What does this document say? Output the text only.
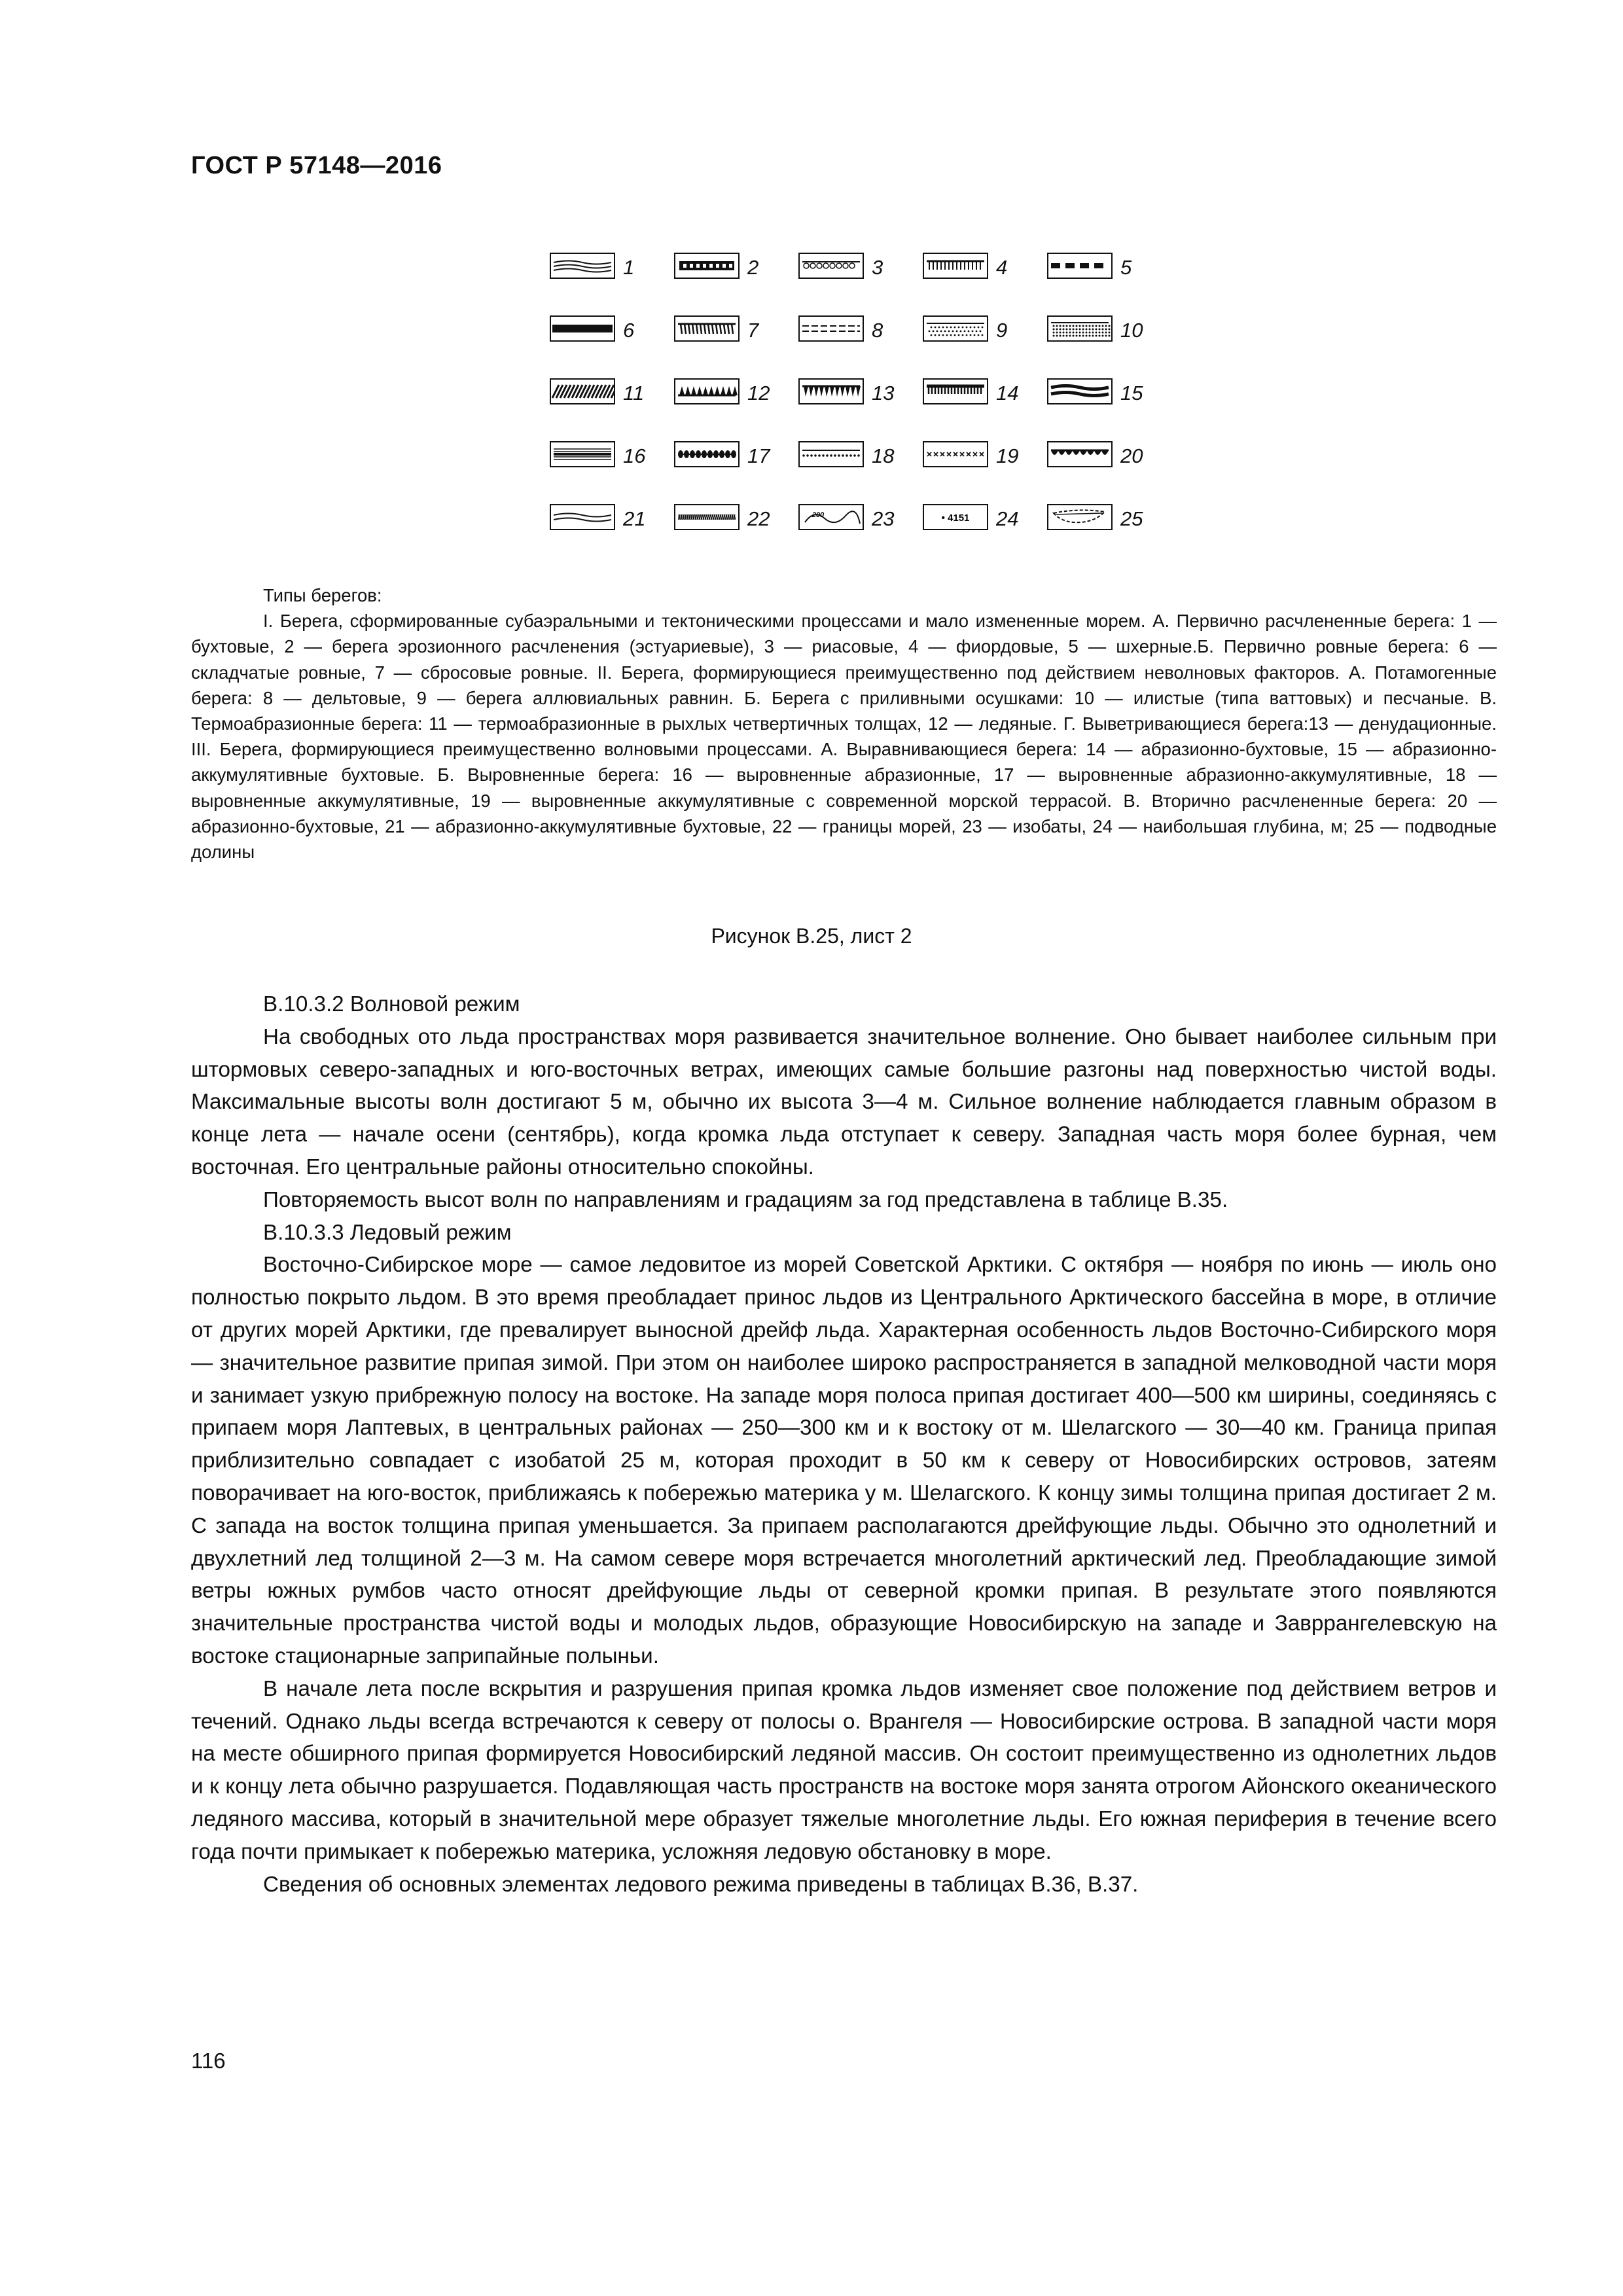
ГОСТ Р 57148—2016
1	2	3	4	5
6	7	8	9	10
11	12	13	14	15
16	17	18	19	20
21	22	200 23	• 4151 24	25

Типы берегов:

I. Берега, сформированные субаэральными и тектоническими процессами и мало измененные морем. А. Первично расчлененные берега: 1 — бухтовые, 2 — берега эрозионного расчленения (эстуариевые), 3 — риасовые, 4 — фиордовые, 5 — шхерные.Б. Первично ровные берега: 6 — складчатые ровные, 7 — сбросовые ровные. II. Берега, формирующиеся преимущественно под действием неволновых факторов. А. Потамогенные берега: 8 — дельтовые, 9 — берега аллювиальных равнин. Б. Берега с приливными осушками: 10 — илистые (типа ваттовых) и песчаные. В. Термоабразионные берега: 11 — термоабразионные в рыхлых четвертичных толщах, 12 — ледяные. Г. Выветривающиеся берега:13 — денудационные. III. Берега, формирующиеся преимущественно волновыми процессами. А. Выравнивающиеся берега: 14 — абразионно-бухтовые, 15 — абразионно-аккумулятивные бухтовые. Б. Выровненные берега: 16 — выровненные абразионные, 17 — выровненные абразионно-аккумулятивные, 18 — выровненные аккумулятивные, 19 — выровненные аккумулятивные с современной морской террасой. В. Вторично расчлененные берега: 20 — абразионно-бухтовые, 21 — абразионно-аккумулятивные бухтовые, 22 — границы морей, 23 — изобаты, 24 — наибольшая глубина, м; 25 — подводные долины

Рисунок В.25, лист 2

В.10.3.2 Волновой режим

На свободных ото льда пространствах моря развивается значительное волнение. Оно бывает наиболее сильным при штормовых северо-западных и юго-восточных ветрах, имеющих самые большие разгоны над поверхностью чистой воды. Максимальные высоты волн достигают 5 м, обычно их высота 3—4 м. Сильное волнение наблюдается главным образом в конце лета — начале осени (сентябрь), когда кромка льда отступает к северу. Западная часть моря более бурная, чем восточная. Его центральные районы относительно спокойны.

Повторяемость высот волн по направлениям и градациям за год представлена в таблице В.35.

В.10.3.3 Ледовый режим

Восточно-Сибирское море — самое ледовитое из морей Советской Арктики. С октября — ноября по июнь — июль оно полностью покрыто льдом. В это время преобладает принос льдов из Центрального Арктического бассейна в море, в отличие от других морей Арктики, где превалирует выносной дрейф льда. Характерная особенность льдов Восточно-Сибирского моря — значительное развитие припая зимой. При этом он наиболее широко распространяется в западной мелководной части моря и занимает узкую прибрежную полосу на востоке. На западе моря полоса припая достигает 400—500 км ширины, соединяясь с припаем моря Лаптевых, в центральных районах — 250—300 км и к востоку от м. Шелагского — 30—40 км. Граница припая приблизительно совпадает с изобатой 25 м, которая проходит в 50 км к северу от Новосибирских островов, затеям поворачивает на юго-восток, приближаясь к побережью материка у м. Шелагского. К концу зимы толщина припая достигает 2 м. С запада на восток толщина припая уменьшается. За припаем располагаются дрейфующие льды. Обычно это однолетний и двухлетний лед толщиной 2—3 м. На самом севере моря встречается многолетний арктический лед. Преобладающие зимой ветры южных румбов часто относят дрейфующие льды от северной кромки припая. В результате этого появляются значительные пространства чистой воды и молодых льдов, образующие Новосибирскую на западе и Завррангелевскую на востоке стационарные заприпайные полыньи.

В начале лета после вскрытия и разрушения припая кромка льдов изменяет свое положение под действием ветров и течений. Однако льды всегда встречаются к северу от полосы о. Врангеля — Новосибирские острова. В западной части моря на месте обширного припая формируется Новосибирский ледяной массив. Он состоит преимущественно из однолетних льдов и к концу лета обычно разрушается. Подавляющая часть пространств на востоке моря занята отрогом Айонского океанического ледяного массива, который в значительной мере образует тяжелые многолетние льды. Его южная периферия в течение всего года почти примыкает к побережью материка, усложняя ледовую обстановку в море.

Сведения об основных элементах ледового режима приведены в таблицах В.36, В.37.

116
